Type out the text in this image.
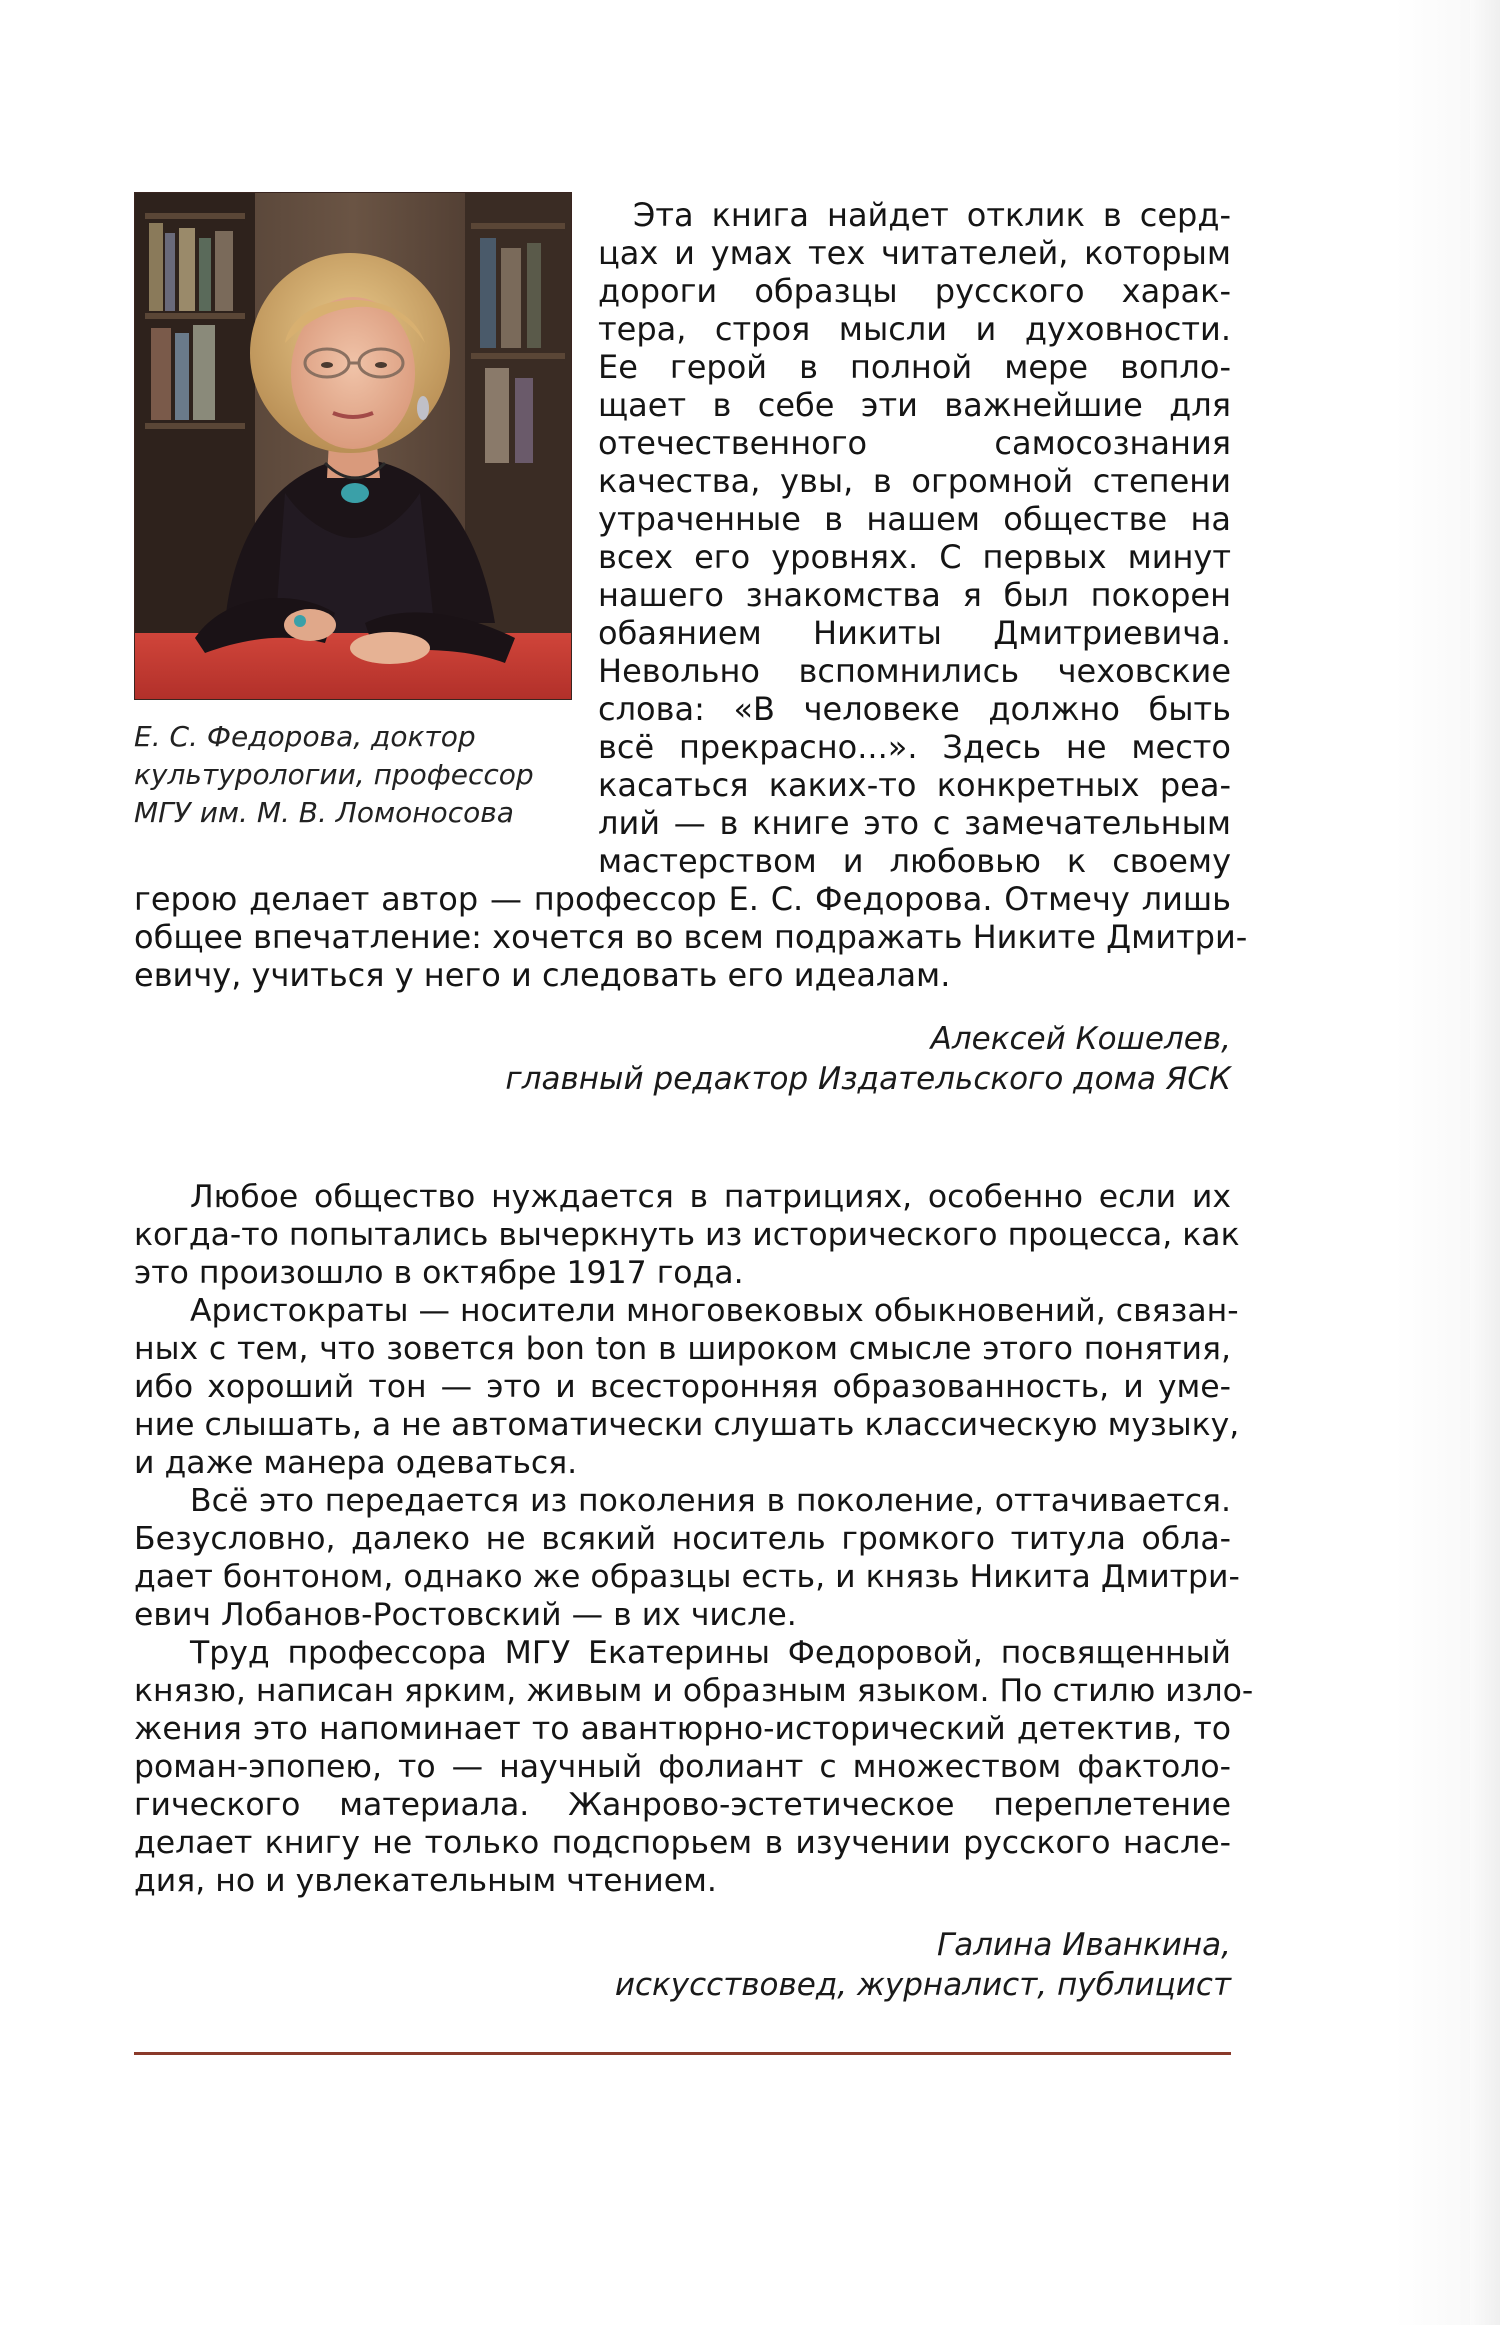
Е. С. Федорова, доктор
культурологии, профессор
МГУ им. М. В. Ломоносова
Эта книга найдет отклик в серд-
цах и умах тех читателей, которым
дороги образцы русского харак-
тера, строя мысли и духовности.
Ее герой в полной мере вопло-
щает в себе эти важнейшие для
отечественного самосознания
качества, увы, в огромной степени
утраченные в нашем обществе на
всех его уровнях. С первых минут
нашего знакомства я был покорен
обаянием Никиты Дмитриевича.
Невольно вспомнились чеховские
слова: «В человеке должно быть
всё прекрасно...». Здесь не место
касаться каких-то конкретных реа-
лий — в книге это с замечательным
мастерством и любовью к своему
герою делает автор — профессор Е. С. Федорова. Отмечу лишь
общее впечатление: хочется во всем подражать Никите Дмитри-
евичу, учиться у него и следовать его идеалам.
Алексей Кошелев,
главный редактор Издательского дома ЯСК
Любое общество нуждается в патрициях, особенно если их
когда-то попытались вычеркнуть из исторического процесса, как
это произошло в октябре 1917 года.
Аристократы — носители многовековых обыкновений, связан-
ных с тем, что зовется bon ton в широком смысле этого понятия,
ибо хороший тон — это и всесторонняя образованность, и уме-
ние слышать, а не автоматически слушать классическую музыку,
и даже манера одеваться.
Всё это передается из поколения в поколение, оттачивается.
Безусловно, далеко не всякий носитель громкого титула обла-
дает бонтоном, однако же образцы есть, и князь Никита Дмитри-
евич Лобанов-Ростовский — в их числе.
Труд профессора МГУ Екатерины Федоровой, посвященный
князю, написан ярким, живым и образным языком. По стилю изло-
жения это напоминает то авантюрно-исторический детектив, то
роман-эпопею, то — научный фолиант с множеством фактоло-
гического материала. Жанрово-эстетическое переплетение
делает книгу не только подспорьем в изучении русского насле-
дия, но и увлекательным чтением.
Галина Иванкина,
искусствовед, журналист, публицист
